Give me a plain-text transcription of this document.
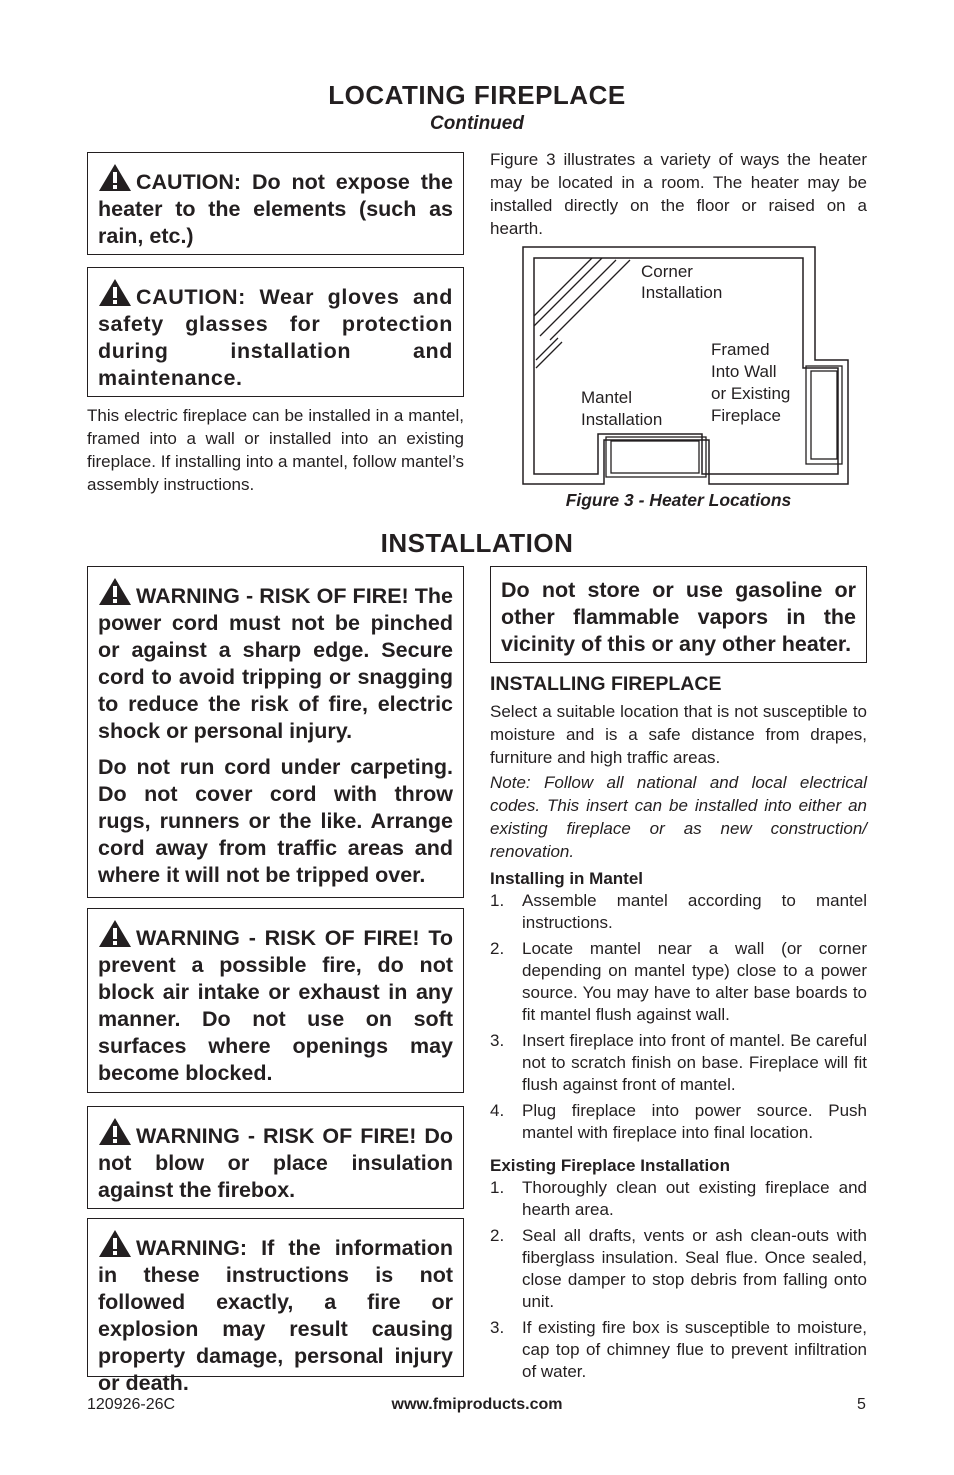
LOCATING FIREPLACE
Continued

CAUTION: Do not expose the heater to the elements (such as rain, etc.)

CAUTION: Wear gloves and safety glasses for protection during installation and maintenance.

This electric fireplace can be installed in a mantel, framed into a wall or installed into an existing fireplace. If installing into a mantel, follow mantel’s assembly instructions.
Figure 3 illustrates a variety of ways the heater may be located in a room. The heater may be installed directly on the floor or raised on a hearth.
Corner
Installation
Framed
Into Wall
or Existing
Fireplace
Mantel
Installation
Figure 3 - Heater Locations
INSTALLATION

WARNING - RISK OF FIRE! The power cord must not be pinched or against a sharp edge. Secure cord to avoid tripping or snagging to reduce the risk of fire, electric shock or personal injury.

Do not run cord under carpeting. Do not cover cord with throw rugs, runners or the like. Arrange cord away from traffic areas and where it will not be tripped over.

WARNING - RISK OF FIRE! To prevent a possible fire, do not block air intake or exhaust in any manner. Do not use on soft surfaces where openings may become blocked.

WARNING - RISK OF FIRE! Do not blow or place insulation against the firebox.

WARNING: If the information in these instructions is not followed exactly, a fire or explosion may result causing property damage, personal injury or death.

Do not store or use gasoline or other flammable vapors in the vicinity of this or any other heater.

INSTALLING FIREPLACE
Select a suitable location that is not susceptible to moisture and is a safe distance from drapes, furniture and high traffic areas.
Note: Follow all national and local electrical codes. This insert can be installed into either an existing fireplace or as new construction/ renovation.
Installing in Mantel
1. Assemble mantel according to mantel instructions.
2. Locate mantel near a wall (or corner depending on mantel type) close to a power source. You may have to alter base boards to fit mantel flush against wall.
3. Insert fireplace into front of mantel. Be careful not to scratch finish on base. Fireplace will fit flush against front of mantel.
4. Plug fireplace into power source. Push mantel with fireplace into final location.
Existing Fireplace Installation
1. Thoroughly clean out existing fireplace and hearth area.
2. Seal all drafts, vents or ash clean-outs with fiberglass insulation. Seal flue. Once sealed, close damper to stop debris from falling onto unit.
3. If existing fire box is susceptible to moisture, cap top of chimney flue to prevent infiltration of water.
120926-26C	www.fmiproducts.com	5
